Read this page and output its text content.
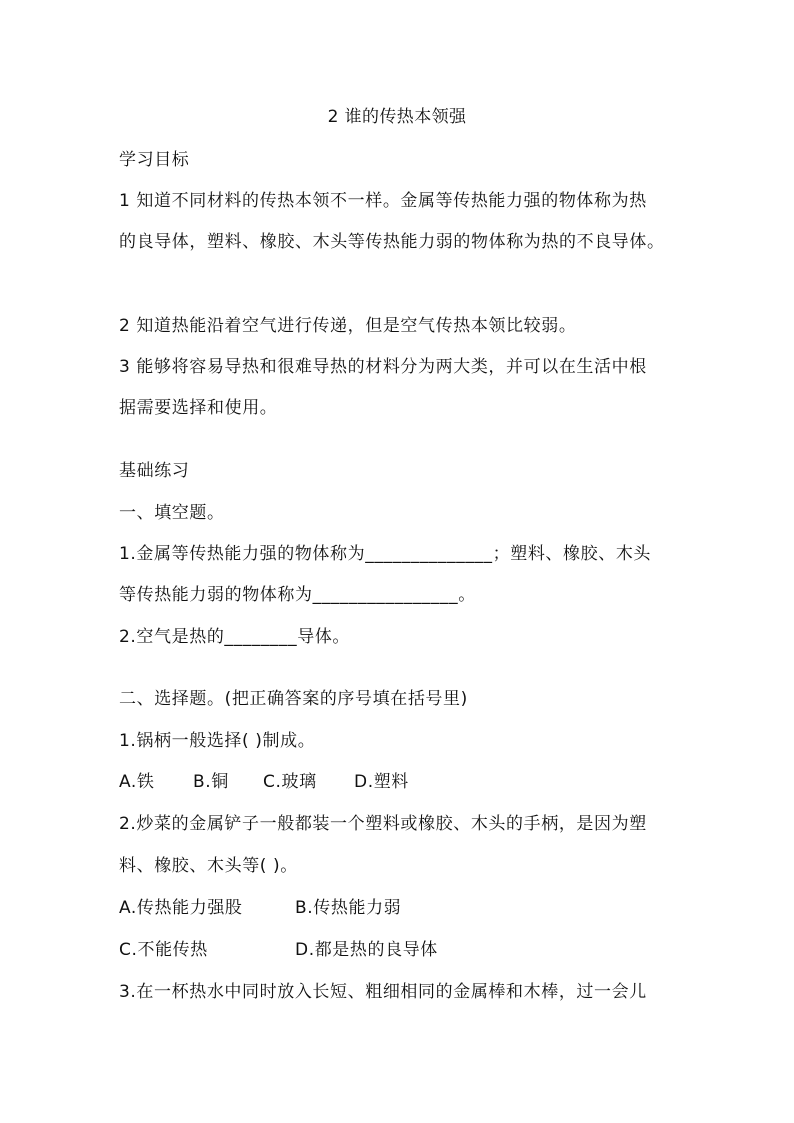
2 谁的传热本领强

学习目标

1 知道不同材料的传热本领不一样。金属等传热能力强的物体称为热

的良导体，塑料、橡胶、木头等传热能力弱的物体称为热的不良导体。

2 知道热能沿着空气进行传递，但是空气传热本领比较弱。

3 能够将容易导热和很难导热的材料分为两大类，并可以在生活中根

据需要选择和使用。

基础练习

一、填空题。

1.金属等传热能力强的物体称为______________；塑料、橡胶、木头

等传热能力弱的物体称为________________。

2.空气是热的________导体。

二、选择题。(把正确答案的序号填在括号里)

1.锅柄一般选择( )制成。

A.铁 B.铜 C.玻璃 D.塑料

2.炒菜的金属铲子一般都装一个塑料或橡胶、木头的手柄，是因为塑

料、橡胶、木头等( )。

A.传热能力强股	B.传热能力弱

C.不能传热	D.都是热的良导体

3.在一杯热水中同时放入长短、粗细相同的金属棒和木棒，过一会儿
